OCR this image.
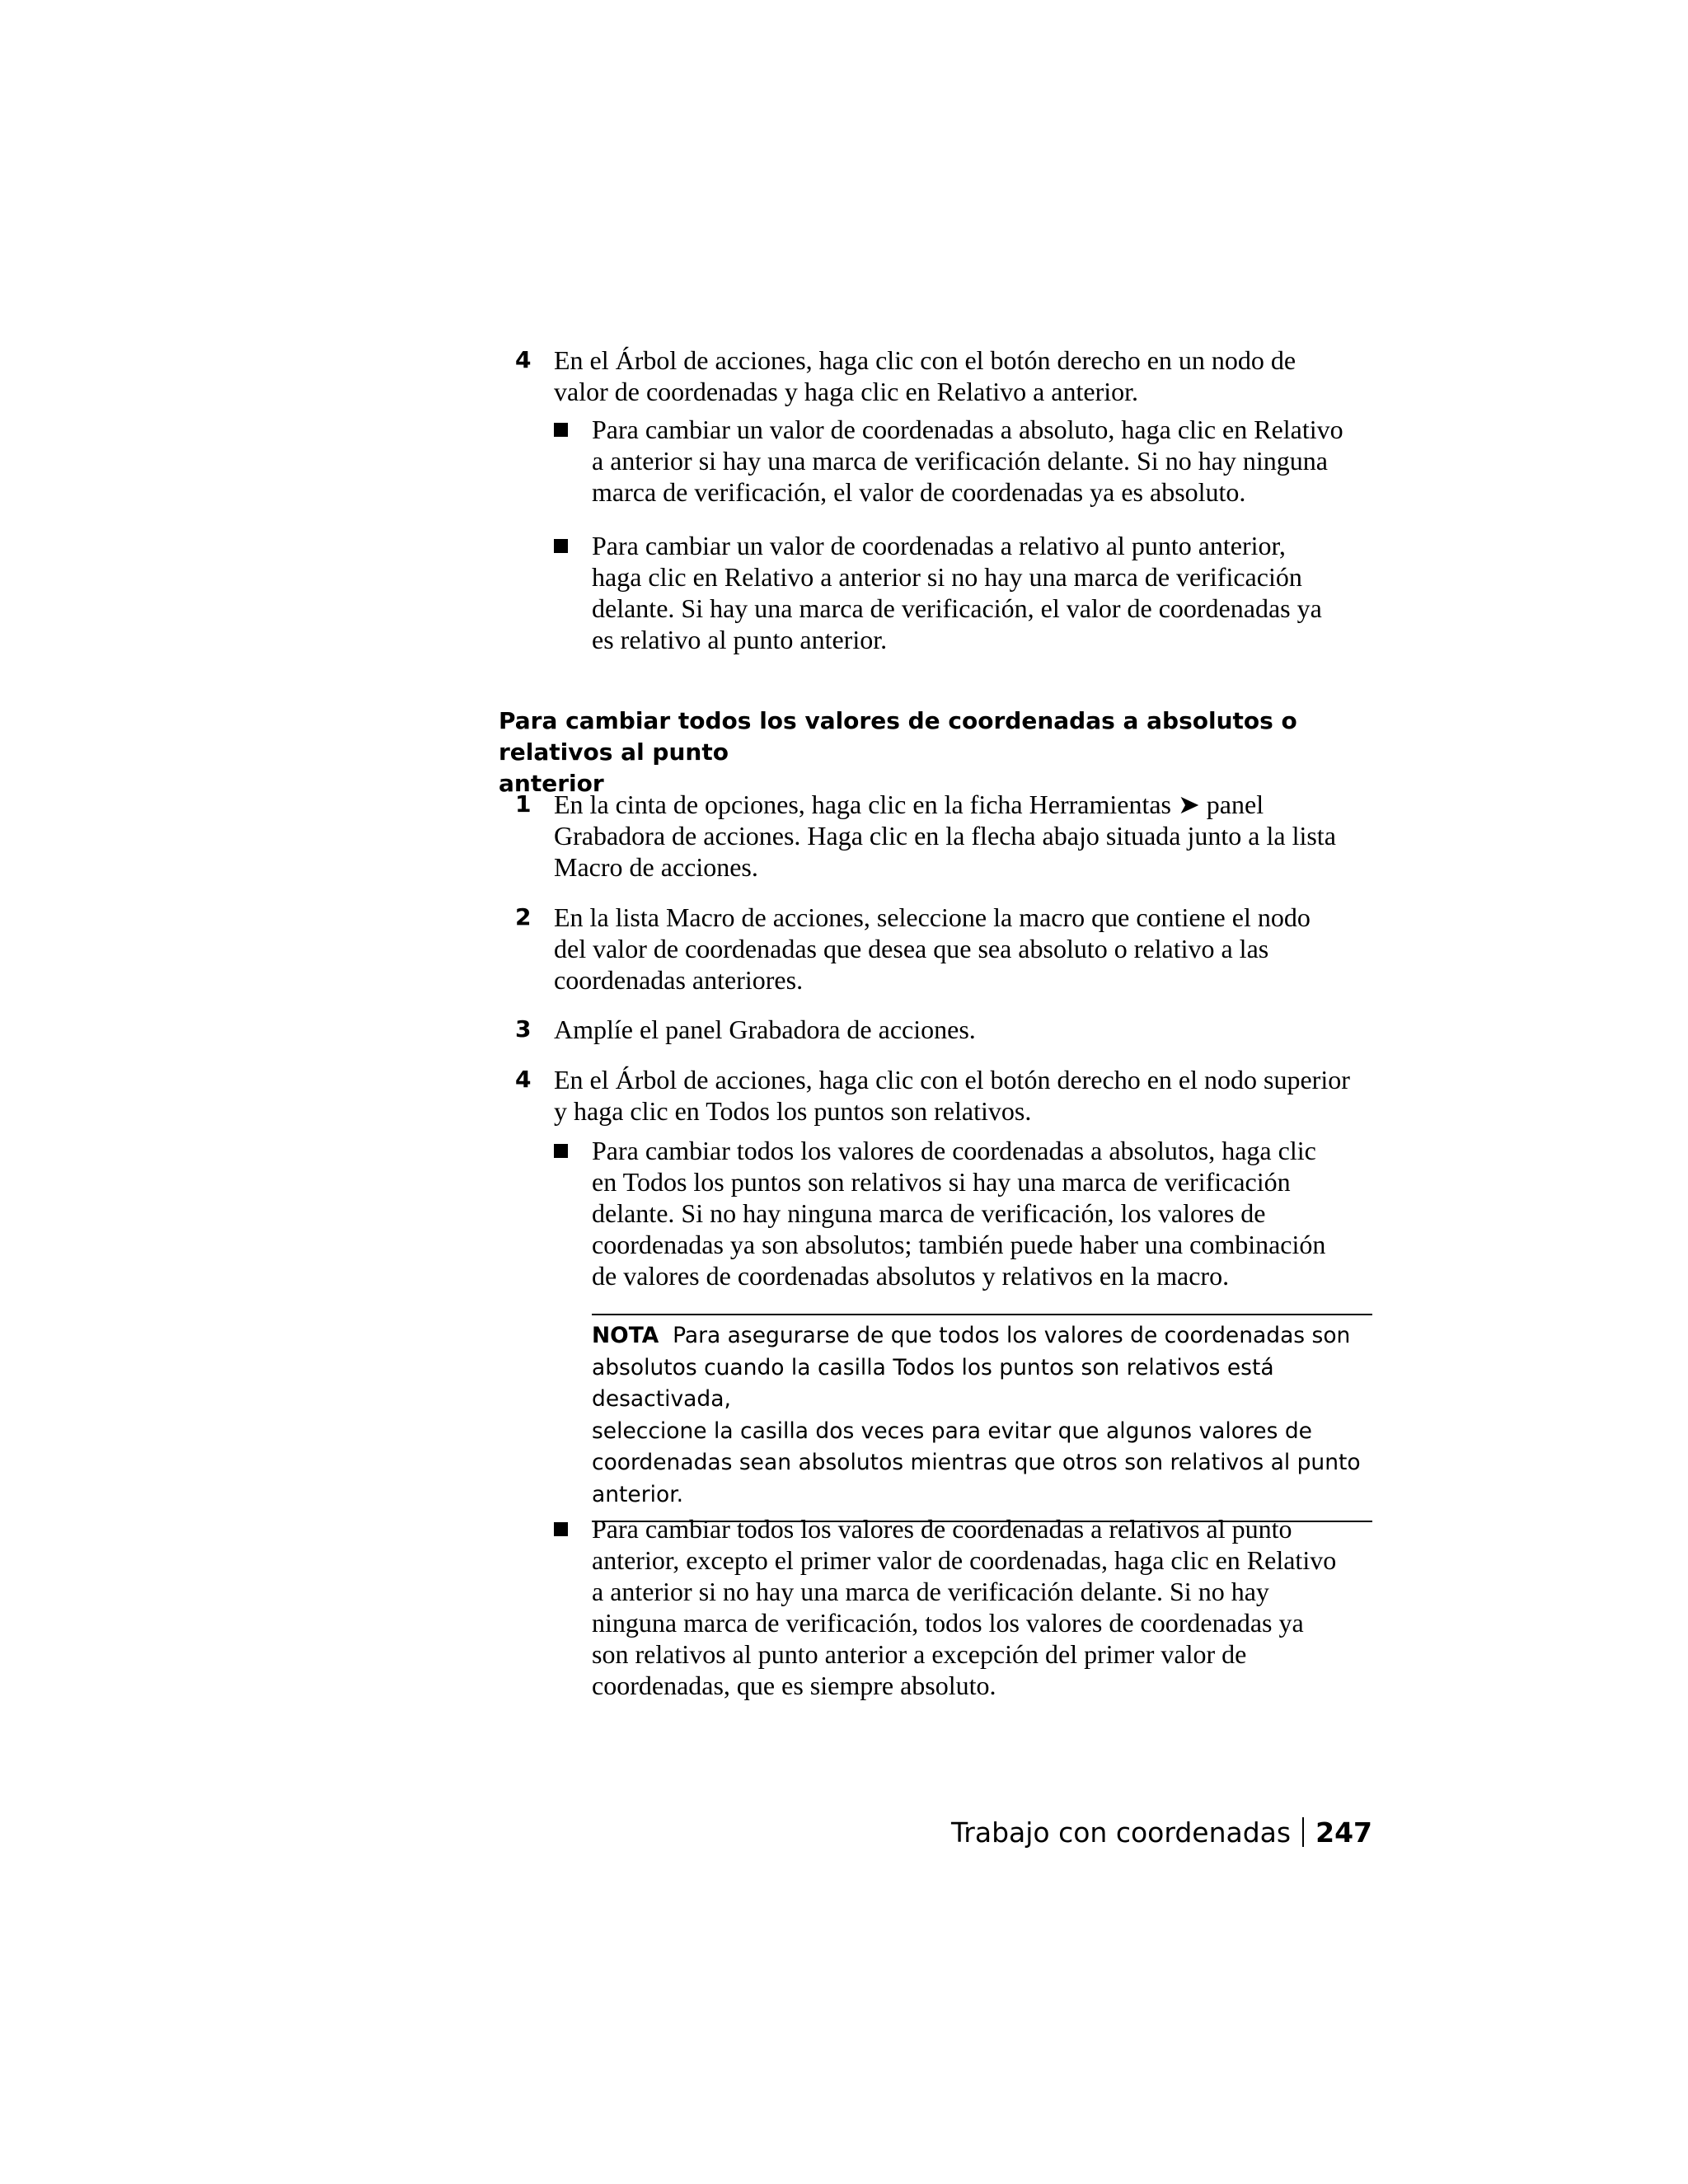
4 En el Árbol de acciones, haga clic con el botón derecho en un nodo de
valor de coordenadas y haga clic en Relativo a anterior.
Para cambiar un valor de coordenadas a absoluto, haga clic en Relativo
a anterior si hay una marca de verificación delante. Si no hay ninguna
marca de verificación, el valor de coordenadas ya es absoluto.
Para cambiar un valor de coordenadas a relativo al punto anterior,
haga clic en Relativo a anterior si no hay una marca de verificación
delante. Si hay una marca de verificación, el valor de coordenadas ya
es relativo al punto anterior.
Para cambiar todos los valores de coordenadas a absolutos o relativos al punto
anterior
1 En la cinta de opciones, haga clic en la ficha Herramientas ➤ panel
Grabadora de acciones. Haga clic en la flecha abajo situada junto a la lista
Macro de acciones.
2 En la lista Macro de acciones, seleccione la macro que contiene el nodo
del valor de coordenadas que desea que sea absoluto o relativo a las
coordenadas anteriores.
3 Amplíe el panel Grabadora de acciones.
4 En el Árbol de acciones, haga clic con el botón derecho en el nodo superior
y haga clic en Todos los puntos son relativos.
Para cambiar todos los valores de coordenadas a absolutos, haga clic
en Todos los puntos son relativos si hay una marca de verificación
delante. Si no hay ninguna marca de verificación, los valores de
coordenadas ya son absolutos; también puede haber una combinación
de valores de coordenadas absolutos y relativos en la macro.
NOTA Para asegurarse de que todos los valores de coordenadas son
absolutos cuando la casilla Todos los puntos son relativos está desactivada,
seleccione la casilla dos veces para evitar que algunos valores de
coordenadas sean absolutos mientras que otros son relativos al punto
anterior.
Para cambiar todos los valores de coordenadas a relativos al punto
anterior, excepto el primer valor de coordenadas, haga clic en Relativo
a anterior si no hay una marca de verificación delante. Si no hay
ninguna marca de verificación, todos los valores de coordenadas ya
son relativos al punto anterior a excepción del primer valor de
coordenadas, que es siempre absoluto.
Trabajo con coordenadas 247
